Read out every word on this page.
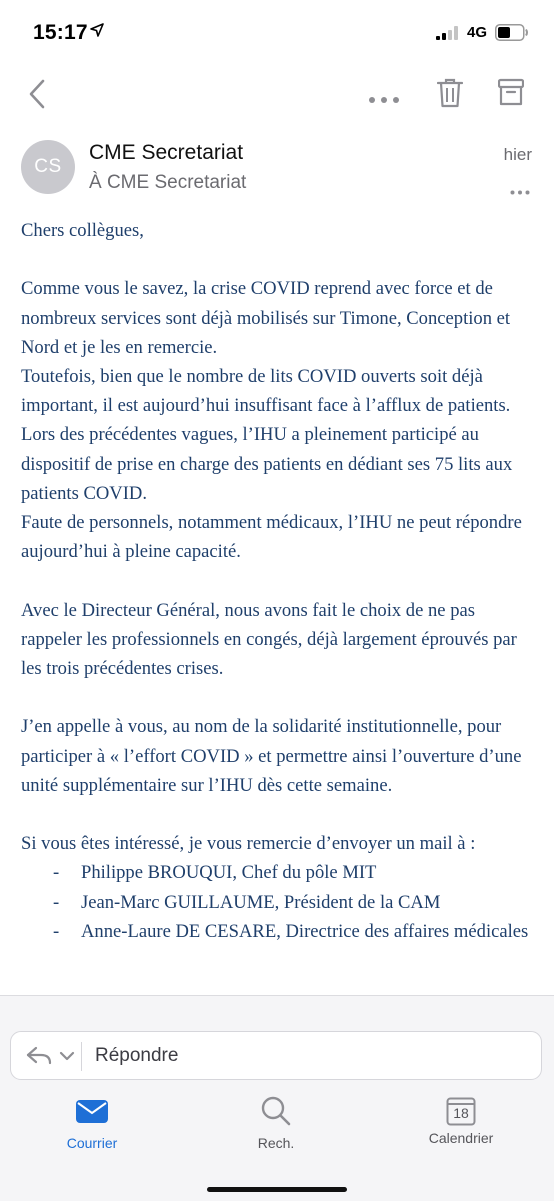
15:17	4G
CS
CME Secretariat
À CME Secretariat
hier

Chers collègues,

Comme vous le savez, la crise COVID reprend avec force et de nombreux services sont déjà mobilisés sur Timone, Conception et Nord et je les en remercie.

Toutefois, bien que le nombre de lits COVID ouverts soit déjà important, il est aujourd’hui insuffisant face à l’afflux de patients.

Lors des précédentes vagues, l’IHU a pleinement participé au dispositif de prise en charge des patients en dédiant ses 75 lits aux patients COVID.

Faute de personnels, notamment médicaux, l’IHU ne peut répondre aujourd’hui à pleine capacité.

Avec le Directeur Général, nous avons fait le choix de ne pas rappeler les professionnels en congés, déjà largement éprouvés par les trois précédentes crises.

J’en appelle à vous, au nom de la solidarité institutionnelle, pour participer à « l’effort COVID » et permettre ainsi l’ouverture d’une unité supplémentaire sur l’IHU dès cette semaine.

Si vous êtes intéressé, je vous remercie d’envoyer un mail à :

-	Philippe BROUQUI, Chef du pôle MIT
-	Jean-Marc GUILLAUME, Président de la CAM
-	Anne-Laure DE CESARE, Directrice des affaires médicales
Répondre
Courrier	Rech.
18
Calendrier
